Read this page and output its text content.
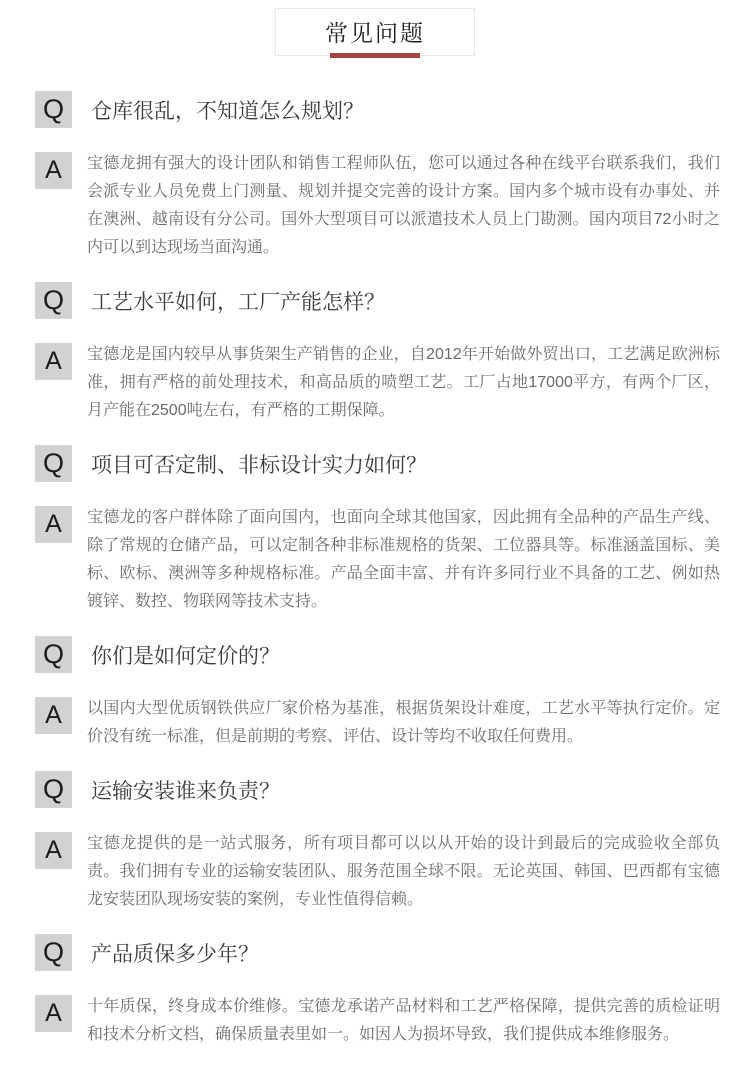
常见问题
Q	仓库很乱，不知道怎么规划？
A	宝德龙拥有强大的设计团队和销售工程师队伍，您可以通过各种在线平台联系我们，我们会派专业人员免费上门测量、规划并提交完善的设计方案。国内多个城市设有办事处、并在澳洲、越南设有分公司。国外大型项目可以派遣技术人员上门勘测。国内项目72小时之内可以到达现场当面沟通。
Q	工艺水平如何，工厂产能怎样？
A	宝德龙是国内较早从事货架生产销售的企业，自2012年开始做外贸出口，工艺满足欧洲标准，拥有严格的前处理技术，和高品质的喷塑工艺。工厂占地17000平方，有两个厂区，月产能在2500吨左右，有严格的工期保障。
Q	项目可否定制、非标设计实力如何？
A	宝德龙的客户群体除了面向国内，也面向全球其他国家，因此拥有全品种的产品生产线、除了常规的仓储产品，可以定制各种非标准规格的货架、工位器具等。标准涵盖国标、美标、欧标、澳洲等多种规格标准。产品全面丰富、并有许多同行业不具备的工艺、例如热镀锌、数控、物联网等技术支持。
Q	你们是如何定价的？
A	以国内大型优质钢铁供应厂家价格为基准，根据货架设计难度，工艺水平等执行定价。定价没有统一标准，但是前期的考察、评估、设计等均不收取任何费用。
Q	运输安装谁来负责？
A	宝德龙提供的是一站式服务，所有项目都可以以从开始的设计到最后的完成验收全部负责。我们拥有专业的运输安装团队、服务范围全球不限。无论英国、韩国、巴西都有宝德龙安装团队现场安装的案例，专业性值得信赖。
Q	产品质保多少年？
A	十年质保，终身成本价维修。宝德龙承诺产品材料和工艺严格保障，提供完善的质检证明和技术分析文档，确保质量表里如一。如因人为损坏导致，我们提供成本维修服务。
